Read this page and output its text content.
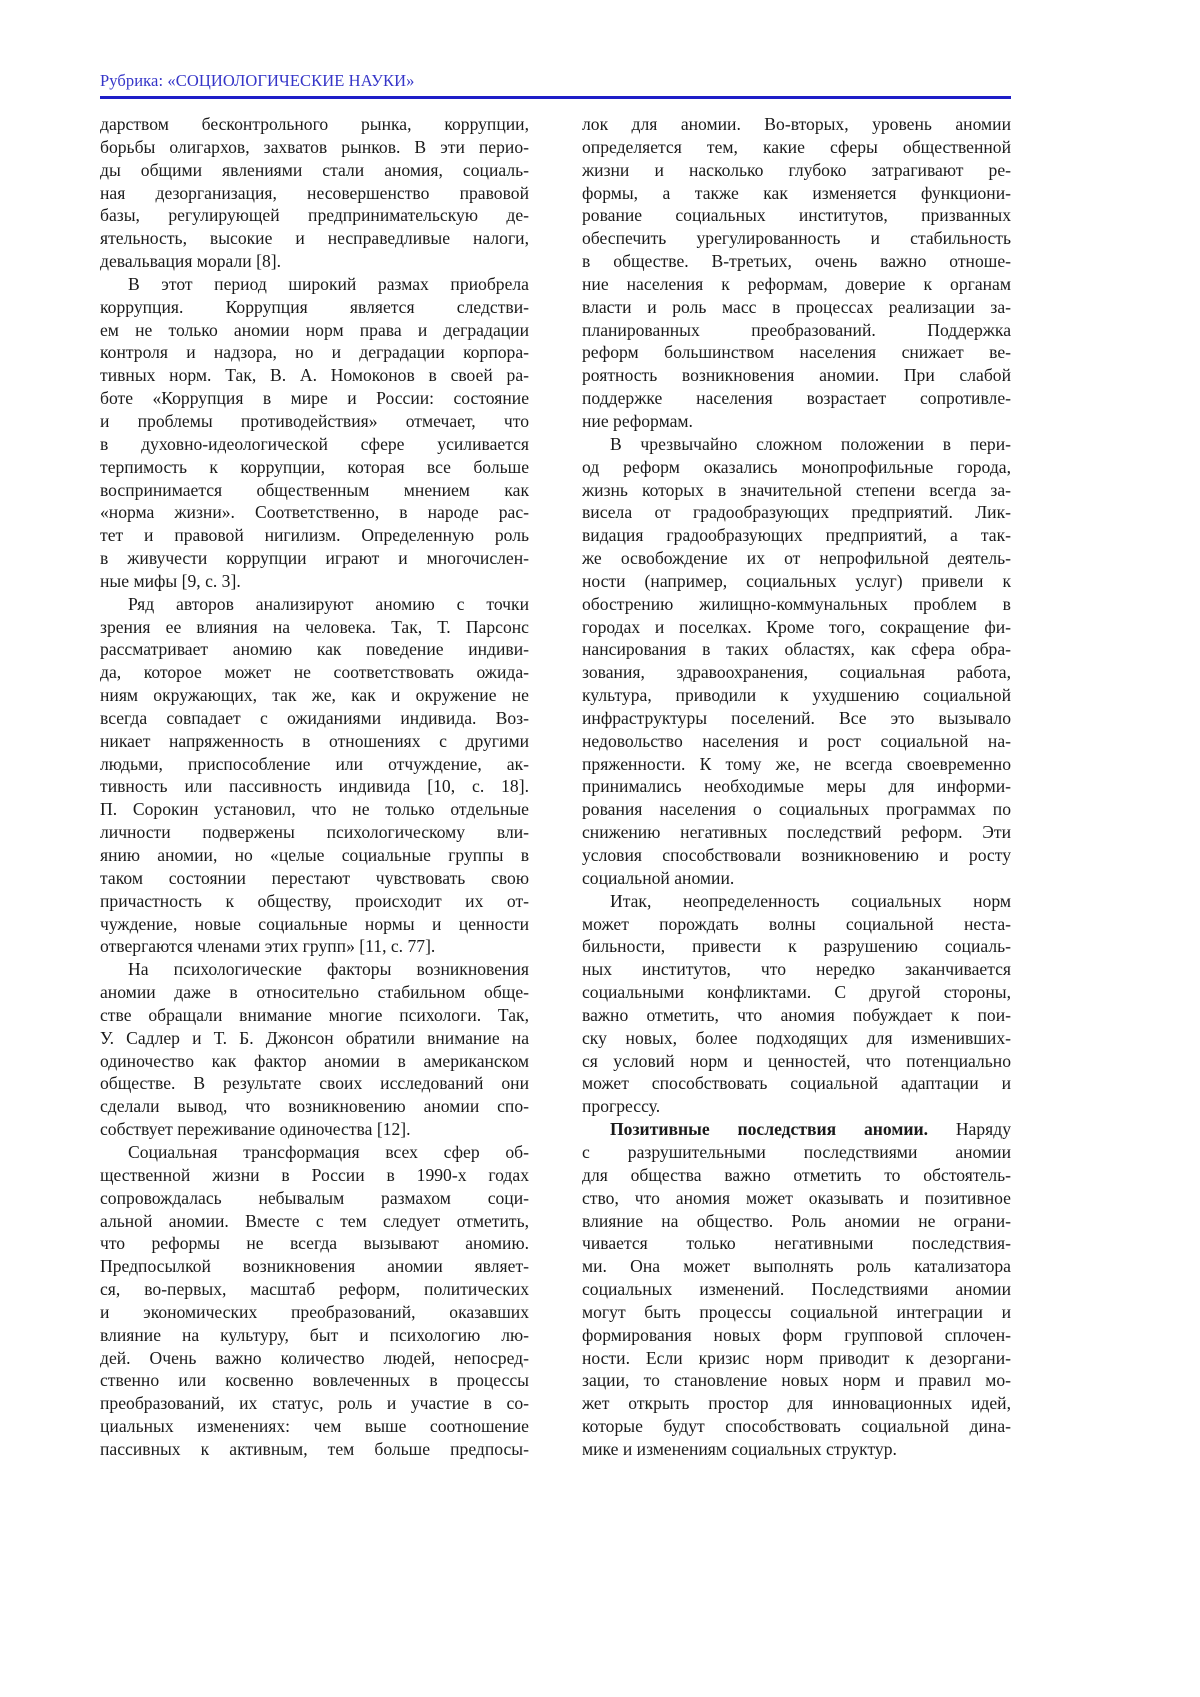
Рубрика: «СОЦИОЛОГИЧЕСКИЕ НАУКИ»
дарством бесконтрольного рынка, коррупции,
борьбы олигархов, захватов рынков. В эти перио-
ды общими явлениями стали аномия, социаль-
ная дезорганизация, несовершенство правовой
базы, регулирующей предпринимательскую де-
ятельность, высокие и несправедливые налоги,
девальвация морали [8].
В этот период широкий размах приобрела
коррупция. Коррупция является следстви-
ем не только аномии норм права и деградации
контроля и надзора, но и деградации корпора-
тивных норм. Так, В. А. Номоконов в своей ра-
боте «Коррупция в мире и России: состояние
и проблемы противодействия» отмечает, что
в духовно-идеологической сфере усиливается
терпимость к коррупции, которая все больше
воспринимается общественным мнением как
«норма жизни». Соответственно, в народе рас-
тет и правовой нигилизм. Определенную роль
в живучести коррупции играют и многочислен-
ные мифы [9, с. 3].
Ряд авторов анализируют аномию с точки
зрения ее влияния на человека. Так, Т. Парсонс
рассматривает аномию как поведение индиви-
да, которое может не соответствовать ожида-
ниям окружающих, так же, как и окружение не
всегда совпадает с ожиданиями индивида. Воз-
никает напряженность в отношениях с другими
людьми, приспособление или отчуждение, ак-
тивность или пассивность индивида [10, с. 18].
П. Сорокин установил, что не только отдельные
личности подвержены психологическому вли-
янию аномии, но «целые социальные группы в
таком состоянии перестают чувствовать свою
причастность к обществу, происходит их от-
чуждение, новые социальные нормы и ценности
отвергаются членами этих групп» [11, с. 77].
На психологические факторы возникновения
аномии даже в относительно стабильном обще-
стве обращали внимание многие психологи. Так,
У. Садлер и Т. Б. Джонсон обратили внимание на
одиночество как фактор аномии в американском
обществе. В результате своих исследований они
сделали вывод, что возникновению аномии спо-
собствует переживание одиночества [12].
Социальная трансформация всех сфер об-
щественной жизни в России в 1990-х годах
сопровождалась небывалым размахом соци-
альной аномии. Вместе с тем следует отметить,
что реформы не всегда вызывают аномию.
Предпосылкой возникновения аномии являет-
ся, во-первых, масштаб реформ, политических
и экономических преобразований, оказавших
влияние на культуру, быт и психологию лю-
дей. Очень важно количество людей, непосред-
ственно или косвенно вовлеченных в процессы
преобразований, их статус, роль и участие в со-
циальных изменениях: чем выше соотношение
пассивных к активным, тем больше предпосы-
лок для аномии. Во-вторых, уровень аномии
определяется тем, какие сферы общественной
жизни и насколько глубоко затрагивают ре-
формы, а также как изменяется функциони-
рование социальных институтов, призванных
обеспечить урегулированность и стабильность
в обществе. В-третьих, очень важно отноше-
ние населения к реформам, доверие к органам
власти и роль масс в процессах реализации за-
планированных преобразований. Поддержка
реформ большинством населения снижает ве-
роятность возникновения аномии. При слабой
поддержке населения возрастает сопротивле-
ние реформам.
В чрезвычайно сложном положении в пери-
од реформ оказались монопрофильные города,
жизнь которых в значительной степени всегда за-
висела от градообразующих предприятий. Лик-
видация градообразующих предприятий, а так-
же освобождение их от непрофильной деятель-
ности (например, социальных услуг) привели к
обострению жилищно-коммунальных проблем в
городах и поселках. Кроме того, сокращение фи-
нансирования в таких областях, как сфера обра-
зования, здравоохранения, социальная работа,
культура, приводили к ухудшению социальной
инфраструктуры поселений. Все это вызывало
недовольство населения и рост социальной на-
пряженности. К тому же, не всегда своевременно
принимались необходимые меры для информи-
рования населения о социальных программах по
снижению негативных последствий реформ. Эти
условия способствовали возникновению и росту
социальной аномии.
Итак, неопределенность социальных норм
может порождать волны социальной неста-
бильности, привести к разрушению социаль-
ных институтов, что нередко заканчивается
социальными конфликтами. С другой стороны,
важно отметить, что аномия побуждает к пои-
ску новых, более подходящих для изменивших-
ся условий норм и ценностей, что потенциально
может способствовать социальной адаптации и
прогрессу.
Позитивные последствия аномии. Наряду
с разрушительными последствиями аномии
для общества важно отметить то обстоятель-
ство, что аномия может оказывать и позитивное
влияние на общество. Роль аномии не ограни-
чивается только негативными последствия-
ми. Она может выполнять роль катализатора
социальных изменений. Последствиями аномии
могут быть процессы социальной интеграции и
формирования новых форм групповой сплочен-
ности. Если кризис норм приводит к дезоргани-
зации, то становление новых норм и правил мо-
жет открыть простор для инновационных идей,
которые будут способствовать социальной дина-
мике и изменениям социальных структур.
